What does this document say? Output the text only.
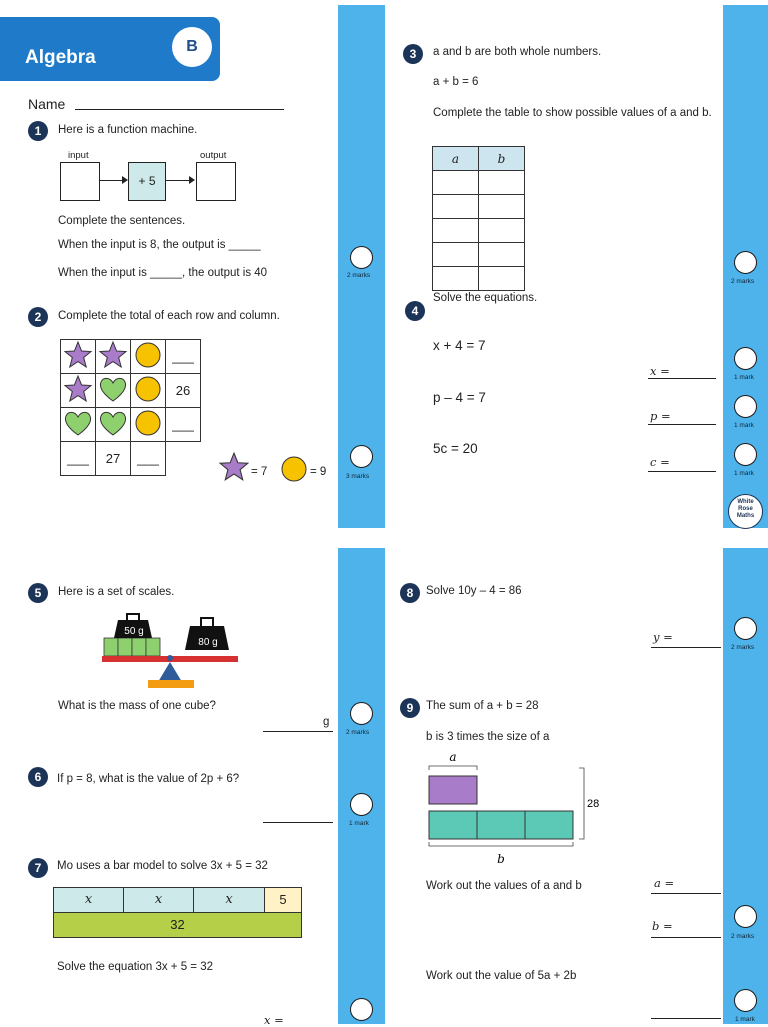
Algebra
B
Name
1	Here is a function machine.
input	output
+ 5
Complete the sentences.
When the input is 8, the output is _____
When the input is _____, the output is 40	2 marks
2	Complete the total of each row and column.
			___
			26
			___
___	27	___	
= 7	= 9	3 marks
3	a and b are both whole numbers.
a + b = 6
Complete the table to show possible values of a and b.
a	b

2 marks
Solve the equations.
4
x + 4 = 7
p – 4 = 7
5c = 20
x =
p =
c =
1 mark
1 mark
1 mark
White
Rose
Maths
5	Here is a set of scales.
50 g
80 g
What is the mass of one cube?
g
2 marks
6	If p = 8, what is the value of 2p + 6?
1 mark
7	Mo uses a bar model to solve 3x + 5 = 32
x	x	x	5
32
Solve the equation 3x + 5 = 32
x =
8	Solve 10y – 4 = 86
y =
2 marks
9	The sum of a + b = 28
b is 3 times the size of a
a
b
28
Work out the values of a and b	a =
b =
2 marks
Work out the value of 5a + 2b
1 mark
